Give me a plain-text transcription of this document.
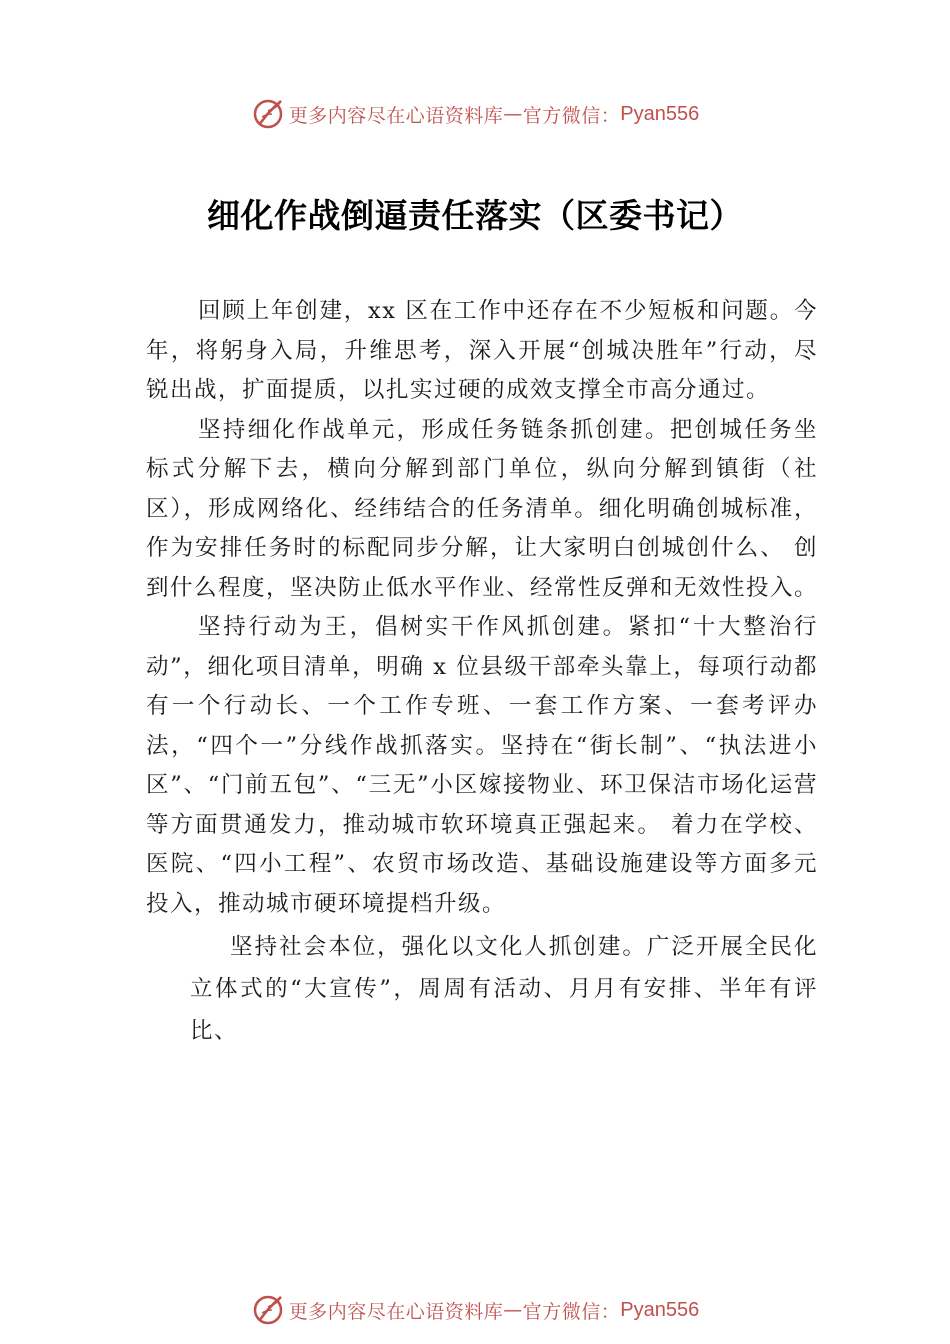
更多内容尽在心语资料库 — 官方微信： Pyan556
细化作战倒逼责任落实（区委书记）

回顾上年创建，xx 区在工作中还存在不少短板和问题。今年，将躬身入局，升维思考，深入开展“创城决胜年”行动，尽锐出战，扩面提质，以扎实过硬的成效支撑全市高分通过。

坚持细化作战单元，形成任务链条抓创建。把创城任务坐标式分解下去，横向分解到部门单位，纵向分解到镇街（社区），形成网络化、经纬结合的任务清单。细化明确创城标准，作为安排任务时的标配同步分解，让大家明白创城创什么、 创到什么程度，坚决防止低水平作业、经常性反弹和无效性投入。

坚持行动为王，倡树实干作风抓创建。紧扣“十大整治行动”，细化项目清单，明确 x 位县级干部牵头靠上，每项行动都有一个行动长、一个工作专班、一套工作方案、一套考评办法，“四个一”分线作战抓落实。坚持在“街长制”、“执法进小区”、“门前五包”、“三无”小区嫁接物业、环卫保洁市场化运营等方面贯通发力，推动城市软环境真正强起来。 着力在学校、医院、“四小工程”、农贸市场改造、基础设施建设等方面多元投入，推动城市硬环境提档升级。

坚持社会本位，强化以文化人抓创建。广泛开展全民化立体式的“大宣传”，周周有活动、月月有安排、半年有评比、

更多内容尽在心语资料库 — 官方微信： Pyan556
